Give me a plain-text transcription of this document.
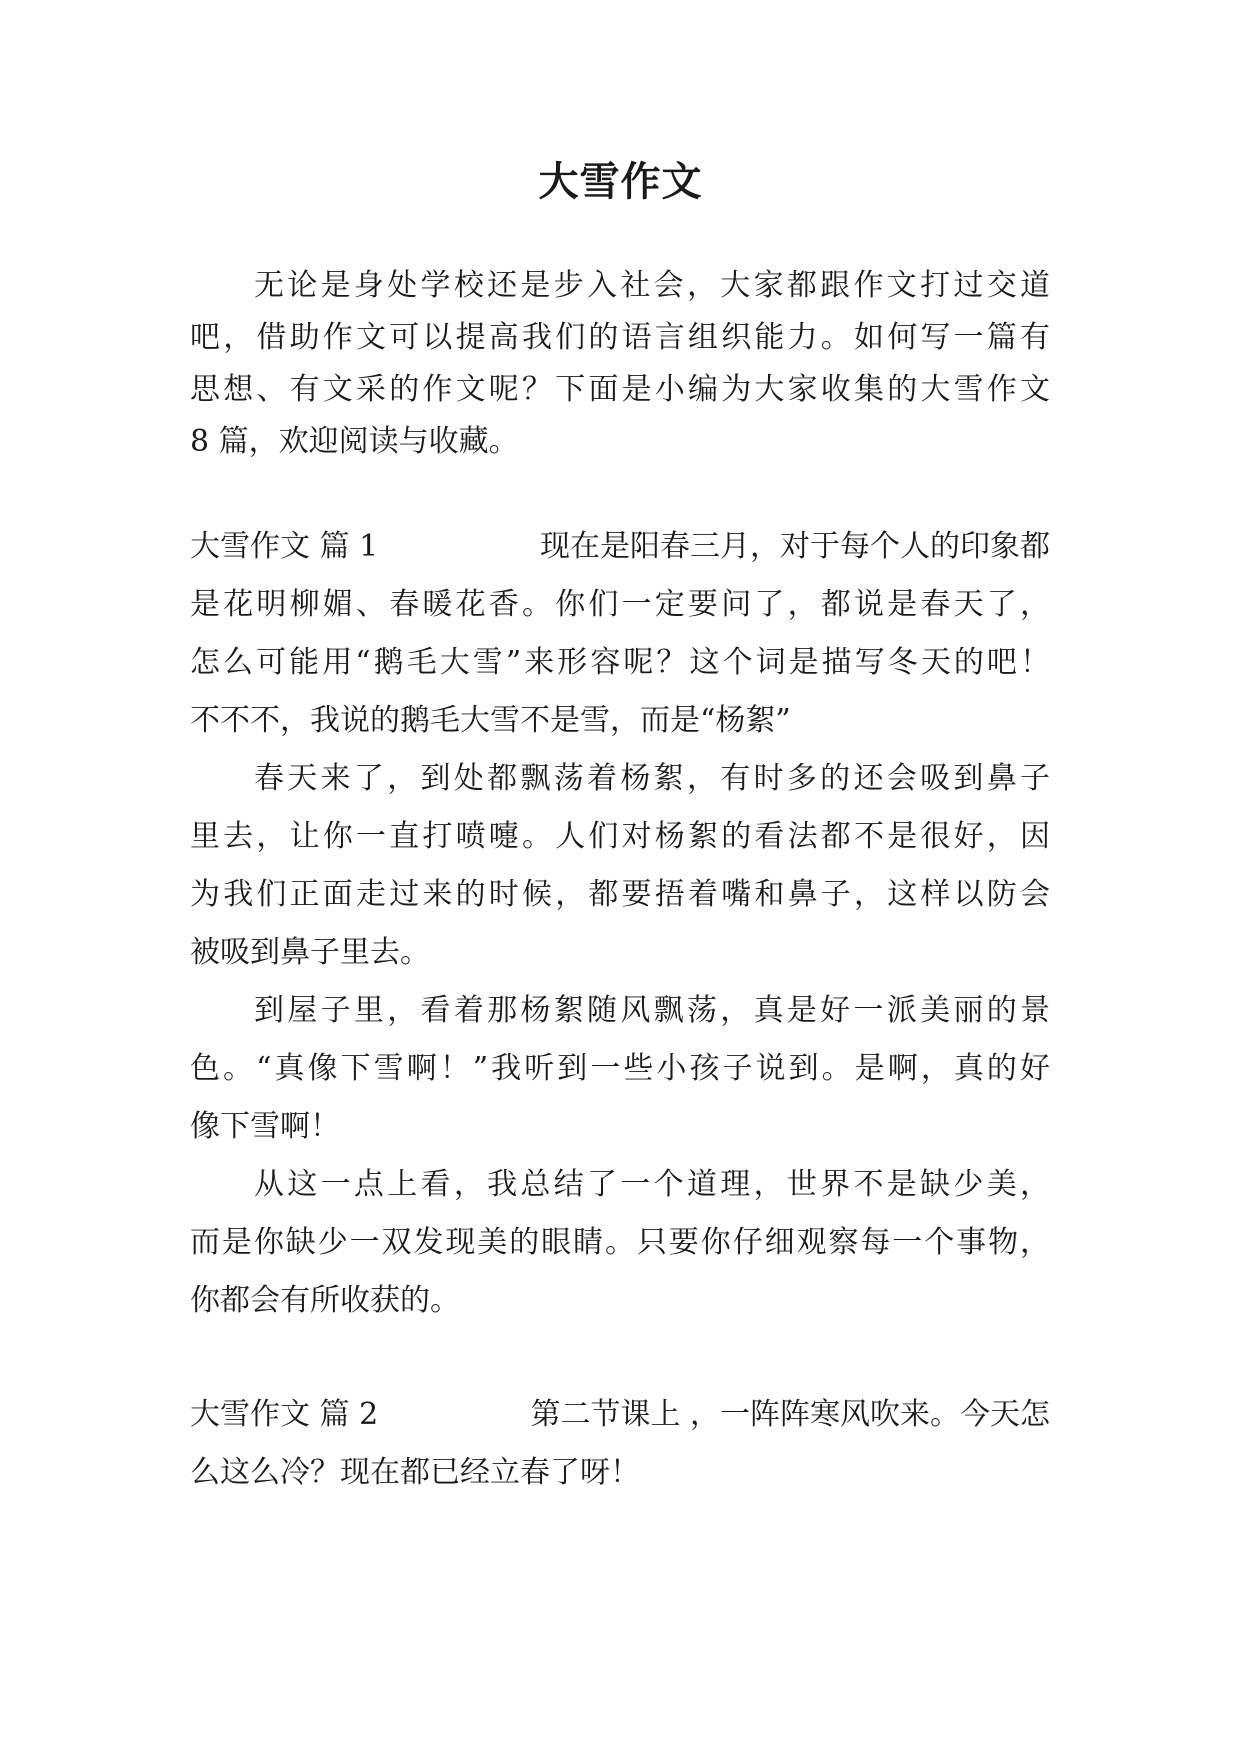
大雪作文

无论是身处学校还是步入社会，大家都跟作文打过交道

吧，借助作文可以提高我们的语言组织能力。如何写一篇有

思想、有文采的作文呢？下面是小编为大家收集的大雪作文

8 篇，欢迎阅读与收藏。

大雪作文 篇 1	现在是阳春三月，对于每个人的印象都

是花明柳媚、春暖花香。你们一定要问了，都说是春天了，

怎么可能用“鹅毛大雪”来形容呢？这个词是描写冬天的吧！

不不不，我说的鹅毛大雪不是雪，而是“杨絮”

春天来了，到处都飘荡着杨絮，有时多的还会吸到鼻子

里去，让你一直打喷嚏。人们对杨絮的看法都不是很好，因

为我们正面走过来的时候，都要捂着嘴和鼻子，这样以防会

被吸到鼻子里去。

到屋子里，看着那杨絮随风飘荡，真是好一派美丽的景

色。“真像下雪啊！”我听到一些小孩子说到。是啊，真的好

像下雪啊！

从这一点上看，我总结了一个道理，世界不是缺少美，

而是你缺少一双发现美的眼睛。只要你仔细观察每一个事物，

你都会有所收获的。

大雪作文 篇 2	第二节课上 ，一阵阵寒风吹来。今天怎

么这么冷？现在都已经立春了呀！
